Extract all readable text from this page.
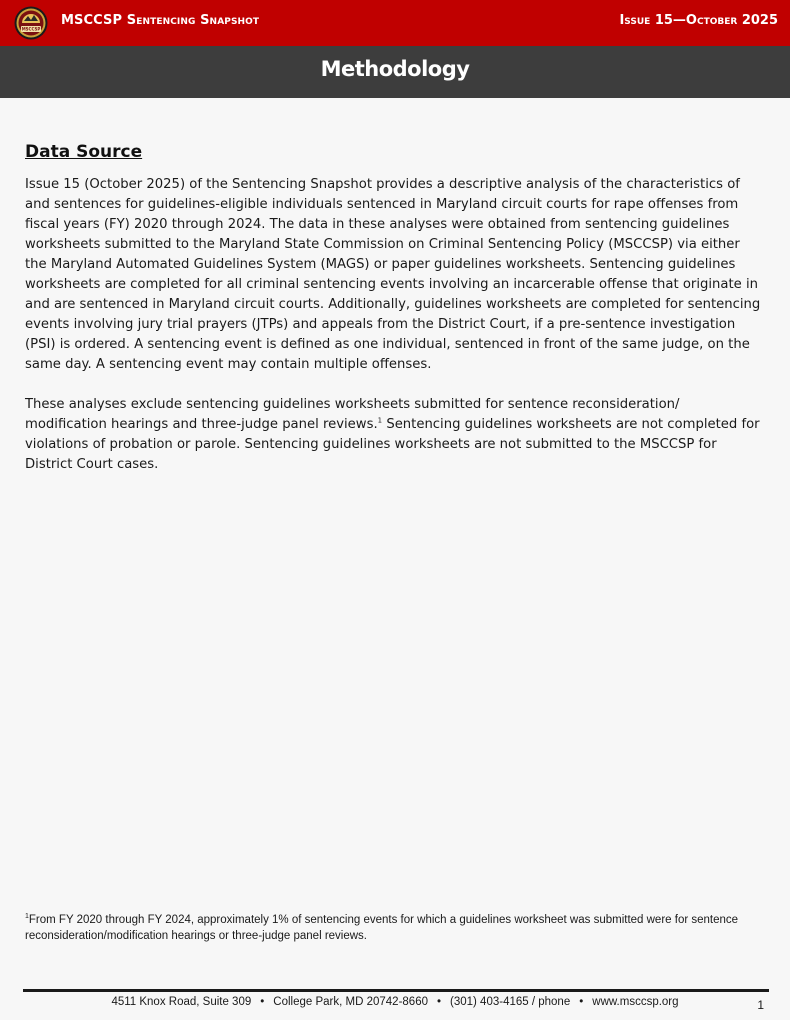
MSCCSP
MSCCSP Sentencing Snapshot	Issue 15—October 2025
Methodology
Data Source

Issue 15 (October 2025) of the Sentencing Snapshot provides a descriptive analysis of the characteristics of and sentences for guidelines-eligible individuals sentenced in Maryland circuit courts for rape offenses from fiscal years (FY) 2020 through 2024. The data in these analyses were obtained from sentencing guidelines worksheets submitted to the Maryland State Commission on Criminal Sentencing Policy (MSCCSP) via either the Maryland Automated Guidelines System (MAGS) or paper guidelines worksheets. Sentencing guidelines worksheets are completed for all criminal sentencing events involving an incarcerable offense that originate in and are sentenced in Maryland circuit courts. Additionally, guidelines worksheets are completed for sentencing events involving jury trial prayers (JTPs) and appeals from the District Court, if a pre-sentence investigation (PSI) is ordered. A sentencing event is defined as one individual, sentenced in front of the same judge, on the same day. A sentencing event may contain multiple offenses.

These analyses exclude sentencing guidelines worksheets submitted for sentence reconsideration/ modification hearings and three-judge panel reviews.$^1$ Sentencing guidelines worksheets are not completed for violations of probation or parole. Sentencing guidelines worksheets are not submitted to the MSCCSP for District Court cases.

$^1$From FY 2020 through FY 2024, approximately 1% of sentencing events for which a guidelines worksheet was submitted were for sentence reconsideration/modification hearings or three-judge panel reviews.
4511 Knox Road, Suite 309 • College Park, MD 20742-8660 • (301) 403-4165 / phone • www.msccsp.org	1
